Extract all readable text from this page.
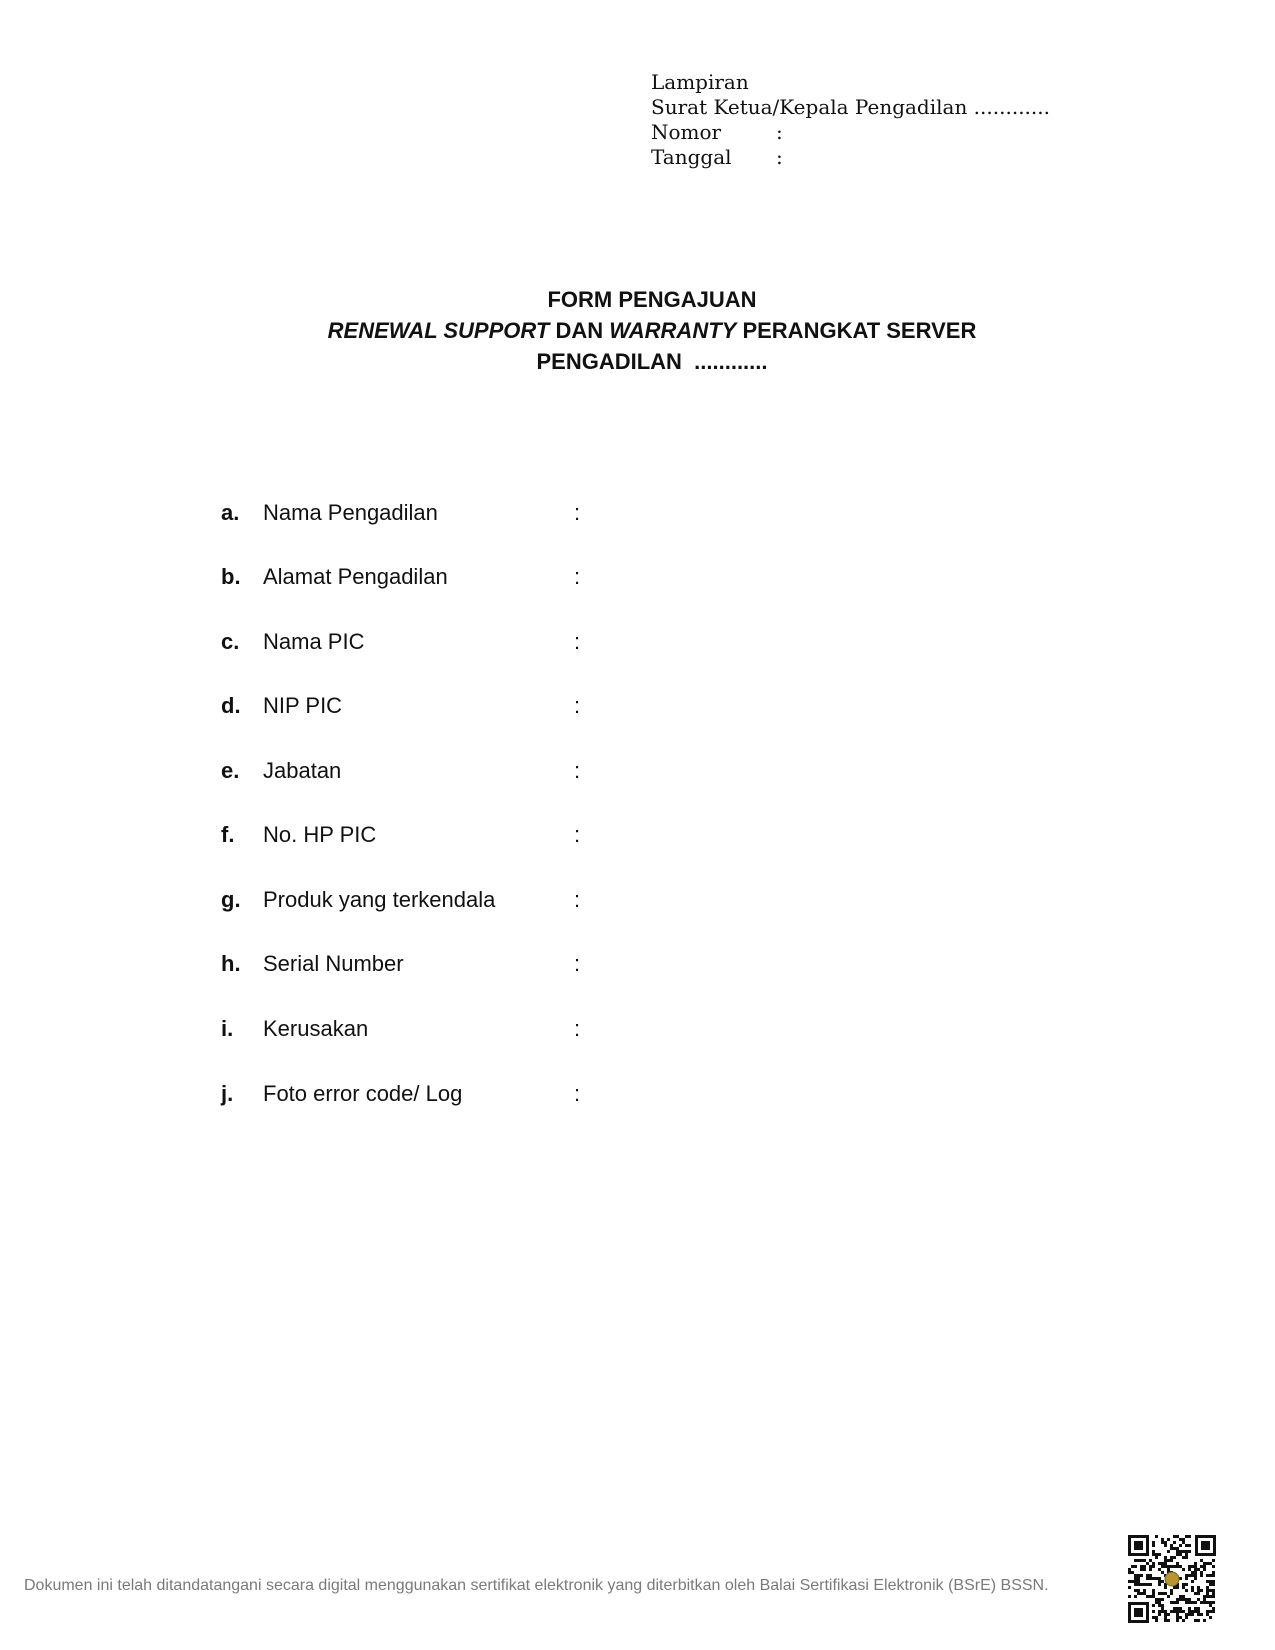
Lampiran
Surat Ketua/Kepala Pengadilan ............
Nomor	:
Tanggal	:
FORM PENGAJUAN
RENEWAL SUPPORT DAN WARRANTY PERANGKAT SERVER
PENGADILAN  ............
a.	Nama Pengadilan	:
b.	Alamat Pengadilan	:
c.	Nama PIC	:
d.	NIP PIC	:
e.	Jabatan	:
f.	No. HP PIC	:
g.	Produk yang terkendala	:
h.	Serial Number	:
i.	Kerusakan	:
j.	Foto error code/ Log	:
Dokumen ini telah ditandatangani secara digital menggunakan sertifikat elektronik yang diterbitkan oleh Balai Sertifikasi Elektronik (BSrE) BSSN.
